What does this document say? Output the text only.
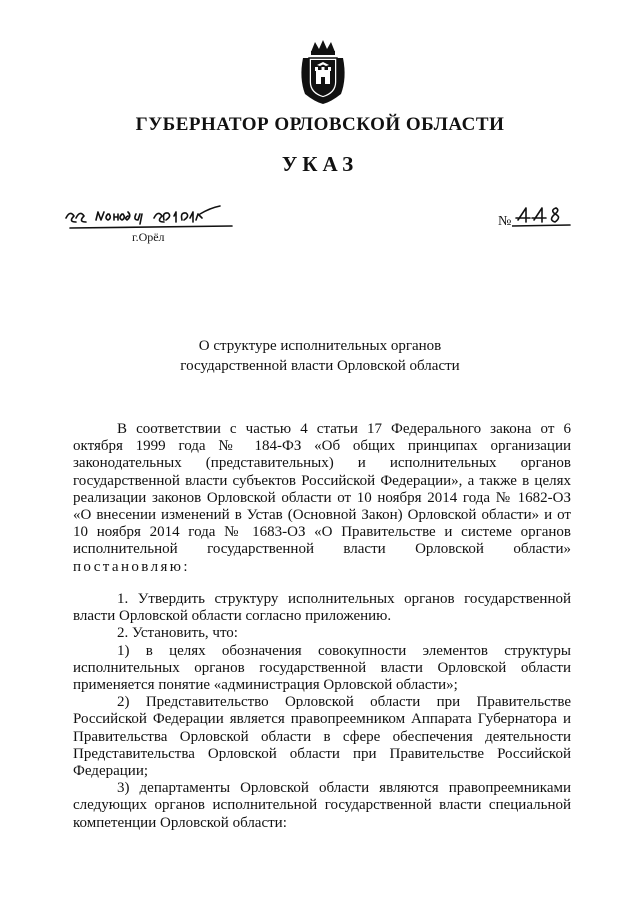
ГУБЕРНАТОР ОРЛОВСКОЙ ОБЛАСТИ
УКАЗ
г.Орёл
№
О структуре исполнительных органов
государственной власти Орловской области

В соответствии с частью 4 статьи 17 Федерального закона от 6 октября 1999 года № 184-ФЗ «Об общих принципах организации законодательных (представительных) и исполнительных органов государственной власти субъектов Российской Федерации», а также в целях реализации законов Орловской области от 10 ноября 2014 года № 1682-ОЗ «О внесении изменений в Устав (Основной Закон) Орловской области» и от 10 ноября 2014 года № 1683-ОЗ «О Правительстве и системе органов исполнительной государственной власти Орловской области» постановляю:

1. Утвердить структуру исполнительных органов государственной власти Орловской области согласно приложению.

2. Установить, что:

1) в целях обозначения совокупности элементов структуры исполнительных органов государственной власти Орловской области применяется понятие «администрация Орловской области»;

2) Представительство Орловской области при Правительстве Российской Федерации является правопреемником Аппарата Губернатора и Правительства Орловской области в сфере обеспечения деятельности Представительства Орловской области при Правительстве Российской Федерации;

3) департаменты Орловской области являются правопреемниками следующих органов исполнительной государственной власти специальной компетенции Орловской области:
